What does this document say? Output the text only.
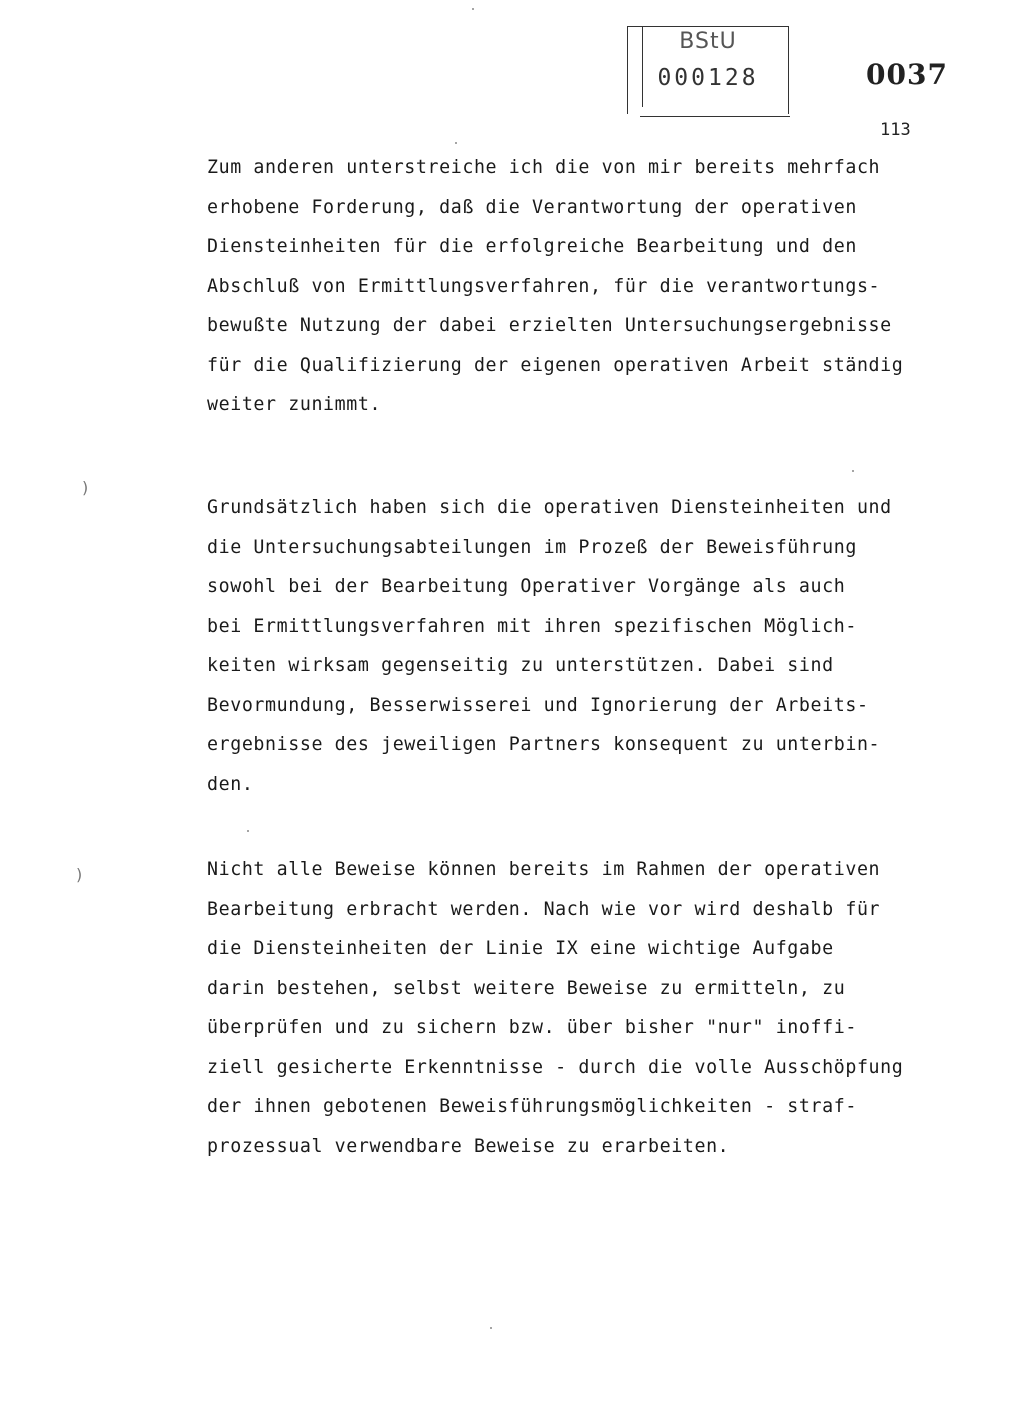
BStU
000128	0037
113
Zum anderen unterstreiche ich die von mir bereits mehrfach
erhobene Forderung, daß die Verantwortung der operativen
Diensteinheiten für die erfolgreiche Bearbeitung und den
Abschluß von Ermittlungsverfahren, für die verantwortungs-
bewußte Nutzung der dabei erzielten Untersuchungsergebnisse
für die Qualifizierung der eigenen operativen Arbeit ständig
weiter zunimmt.
Grundsätzlich haben sich die operativen Diensteinheiten und
die Untersuchungsabteilungen im Prozeß der Beweisführung
sowohl bei der Bearbeitung Operativer Vorgänge als auch
bei Ermittlungsverfahren mit ihren spezifischen Möglich-
keiten wirksam gegenseitig zu unterstützen. Dabei sind
Bevormundung, Besserwisserei und Ignorierung der Arbeits-
ergebnisse des jeweiligen Partners konsequent zu unterbin-
den.
Nicht alle Beweise können bereits im Rahmen der operativen
Bearbeitung erbracht werden. Nach wie vor wird deshalb für
die Diensteinheiten der Linie IX eine wichtige Aufgabe
darin bestehen, selbst weitere Beweise zu ermitteln, zu
überprüfen und zu sichern bzw. über bisher "nur" inoffi-
ziell gesicherte Erkenntnisse - durch die volle Ausschöpfung
der ihnen gebotenen Beweisführungsmöglichkeiten - straf-
prozessual verwendbare Beweise zu erarbeiten.
)
)
